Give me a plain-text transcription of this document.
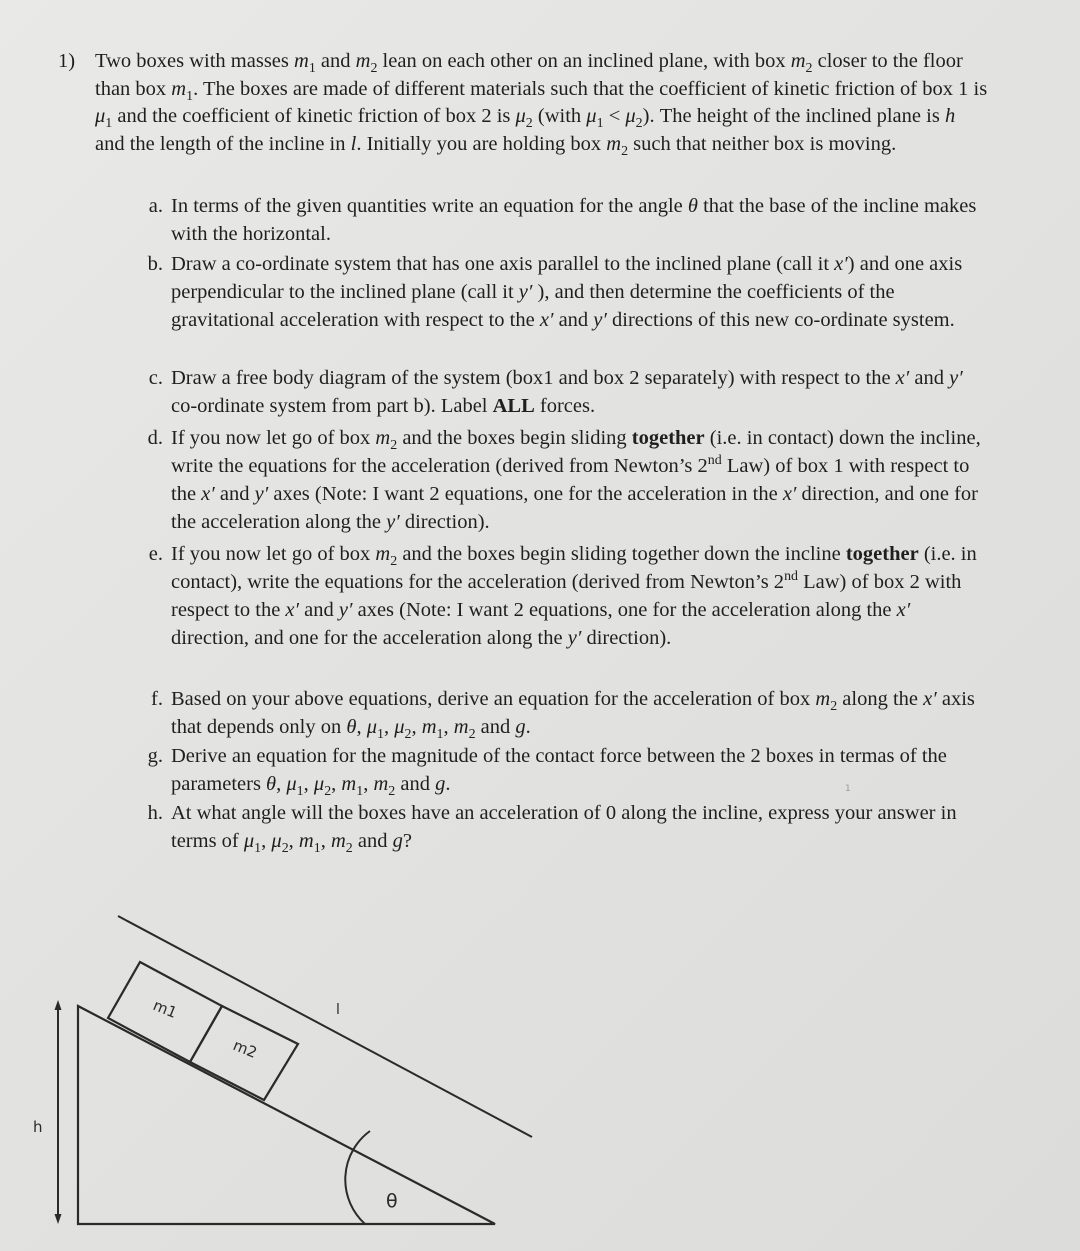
1) Two boxes with masses $m_1$ and $m_2$ lean on each other on an inclined plane, with box $m_2$ closer to the floor than box $m_1$. The boxes are made of different materials such that the coefficient of kinetic friction of box 1 is $\mu_1$ and the coefficient of kinetic friction of box 2 is $\mu_2$ (with $\mu_1 < \mu_2$). The height of the inclined plane is h and the length of the incline in l. Initially you are holding box $m_2$ such that neither box is moving.
a. In terms of the given quantities write an equation for the angle θ that the base of the incline makes with the horizontal.
b. Draw a co-ordinate system that has one axis parallel to the inclined plane (call it x′) and one axis perpendicular to the inclined plane (call it y′ ), and then determine the coefficients of the gravitational acceleration with respect to the x′ and y′ directions of this new co-ordinate system.
c. Draw a free body diagram of the system (box1 and box 2 separately) with respect to the x′ and y′ co-ordinate system from part b). Label ALL forces.
d. If you now let go of box $m_2$ and the boxes begin sliding together (i.e. in contact) down the incline, write the equations for the acceleration (derived from Newton’s 2nd Law) of box 1 with respect to the x′ and y′ axes (Note: I want 2 equations, one for the acceleration in the x′ direction, and one for the acceleration along the y′ direction).
e. If you now let go of box $m_2$ and the boxes begin sliding together down the incline together (i.e. in contact), write the equations for the acceleration (derived from Newton’s 2nd Law) of box 2 with respect to the x′ and y′ axes (Note: I want 2 equations, one for the acceleration along the x′ direction, and one for the acceleration along the y′ direction).
f. Based on your above equations, derive an equation for the acceleration of box $m_2$ along the x′ axis that depends only on θ, $\mu_1$, $\mu_2$, $m_1$, $m_2$ and g.
g. Derive an equation for the magnitude of the contact force between the 2 boxes in termas of the parameters θ, $\mu_1$, $\mu_2$, $m_1$, $m_2$ and g.
h. At what angle will the boxes have an acceleration of 0 along the incline, express your answer in terms of $\mu_1$, $\mu_2$, $m_1$, $m_2$ and g?
1
m1
m2
l
h
θ
